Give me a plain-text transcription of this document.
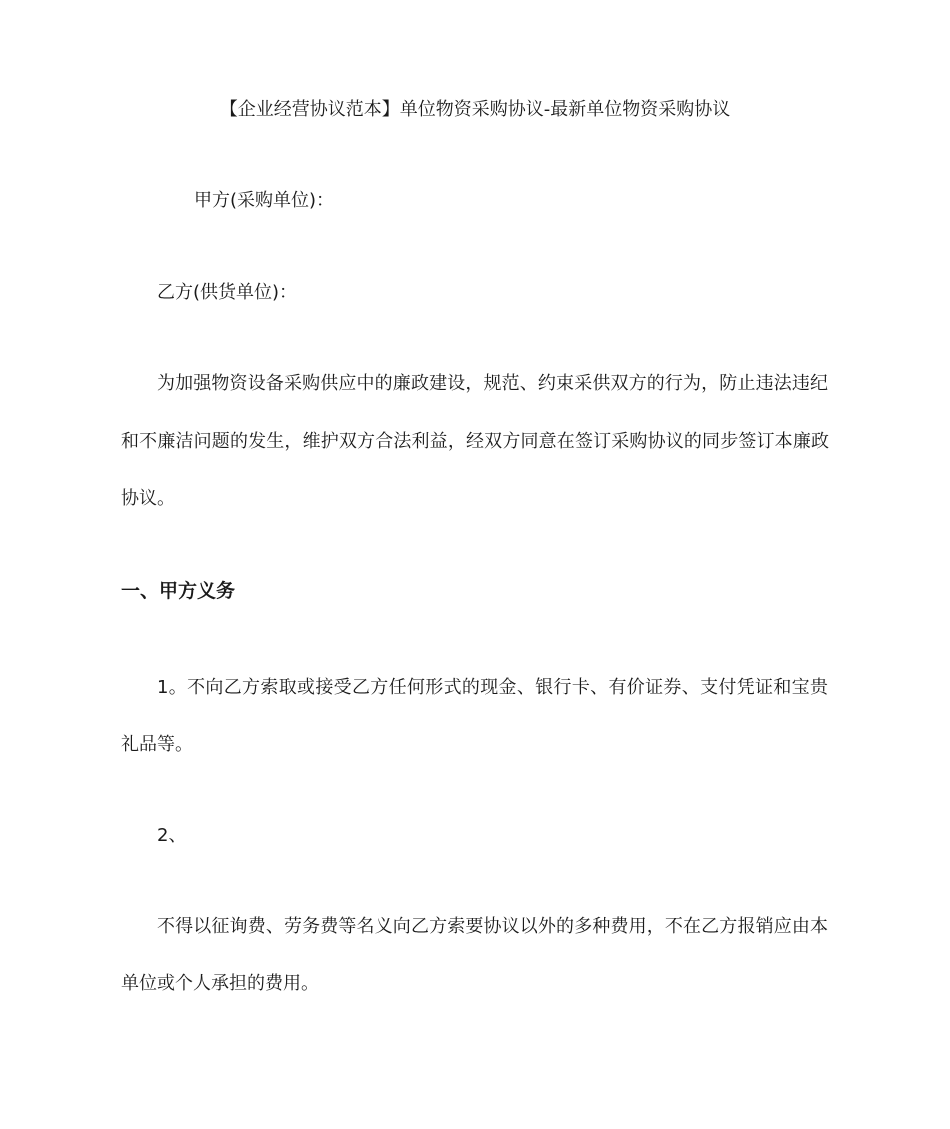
【企业经营协议范本】单位物资采购协议-最新单位物资采购协议
甲方(采购单位)：
乙方(供货单位)：
为加强物资设备采购供应中的廉政建设，规范、约束采供双方的行为，防止违法违纪
和不廉洁问题的发生，维护双方合法利益，经双方同意在签订采购协议的同步签订本廉政
协议。
一、甲方义务
1。不向乙方索取或接受乙方任何形式的现金、银行卡、有价证券、支付凭证和宝贵
礼品等。
2、
不得以征询费、劳务费等名义向乙方索要协议以外的多种费用，不在乙方报销应由本
单位或个人承担的费用。
